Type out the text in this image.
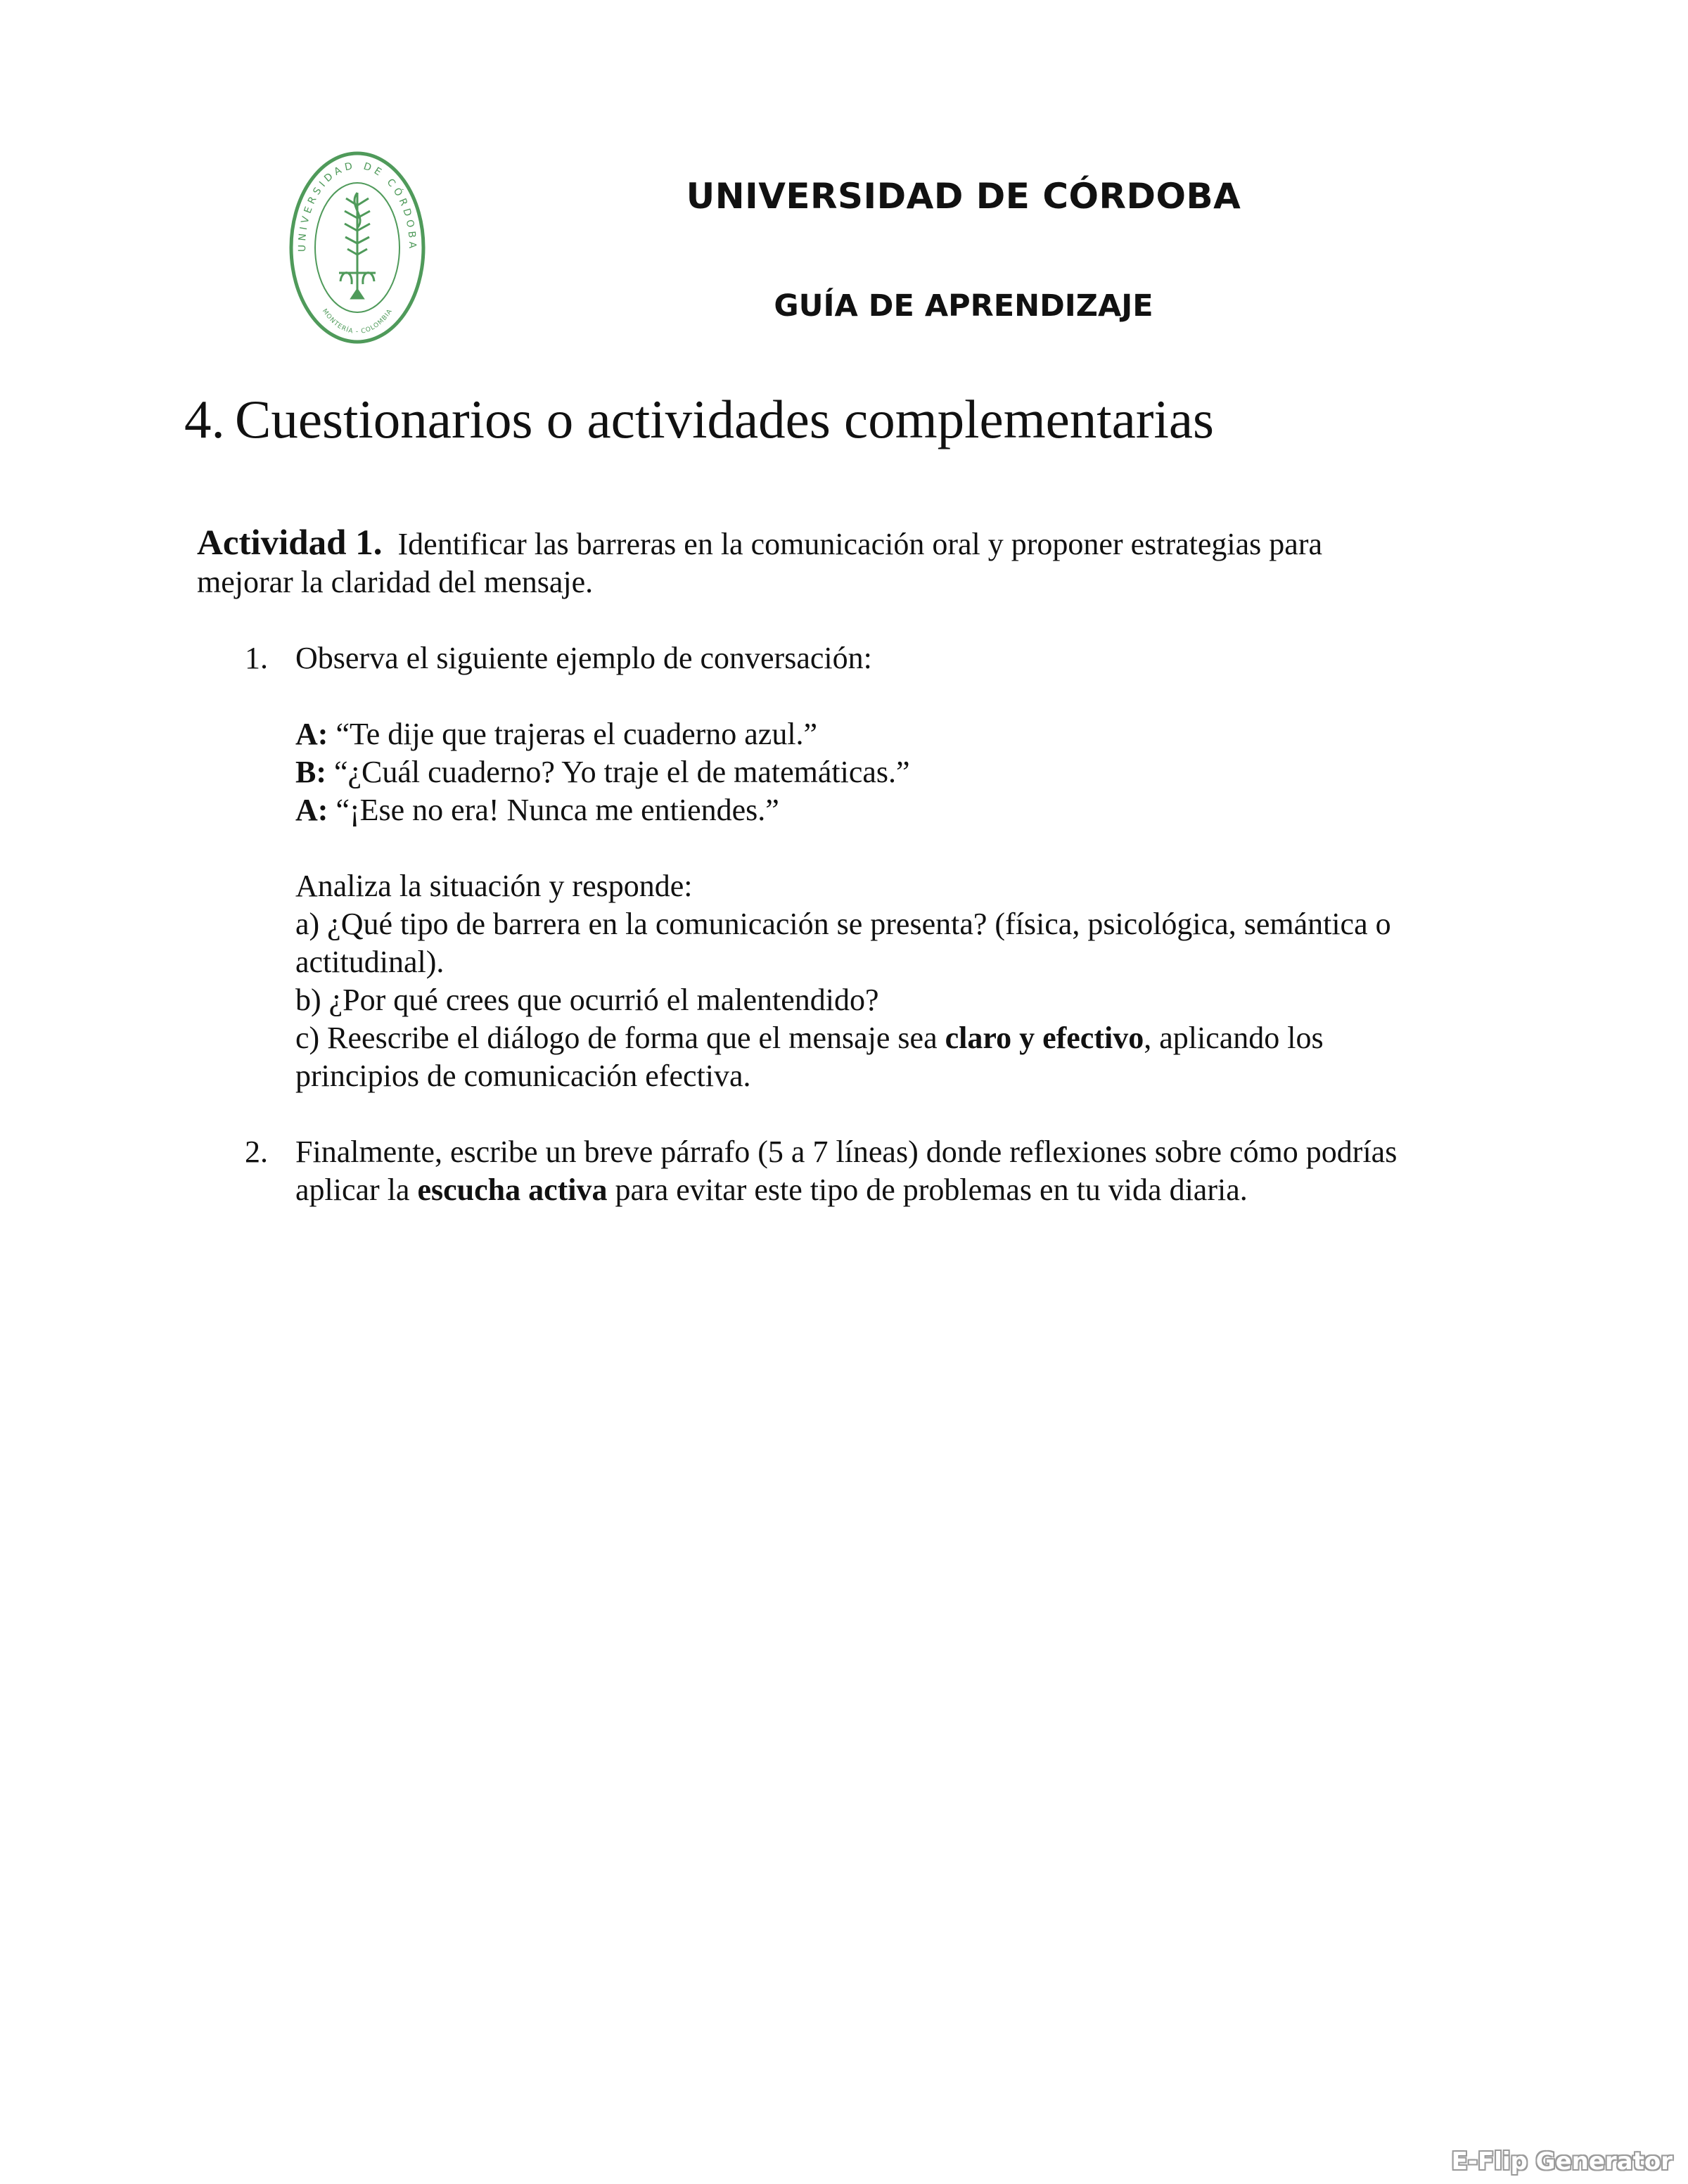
UNIVERSIDAD DE CÓRDOBA
MONTERÍA - COLOMBIA
UNIVERSIDAD DE CÓRDOBA
GUÍA DE APRENDIZAJE
4. Cuestionarios o actividades complementarias
Actividad 1. Identificar las barreras en la comunicación oral y proponer estrategias para
mejorar la claridad del mensaje.
1. Observa el siguiente ejemplo de conversación:
A: “Te dije que trajeras el cuaderno azul.”
B: “¿Cuál cuaderno? Yo traje el de matemáticas.”
A: “¡Ese no era! Nunca me entiendes.”
Analiza la situación y responde:
a) ¿Qué tipo de barrera en la comunicación se presenta? (física, psicológica, semántica o
actitudinal).
b) ¿Por qué crees que ocurrió el malentendido?
c) Reescribe el diálogo de forma que el mensaje sea claro y efectivo, aplicando los
principios de comunicación efectiva.
2. Finalmente, escribe un breve párrafo (5 a 7 líneas) donde reflexiones sobre cómo podrías
aplicar la escucha activa para evitar este tipo de problemas en tu vida diaria.
E-Flip Generator
